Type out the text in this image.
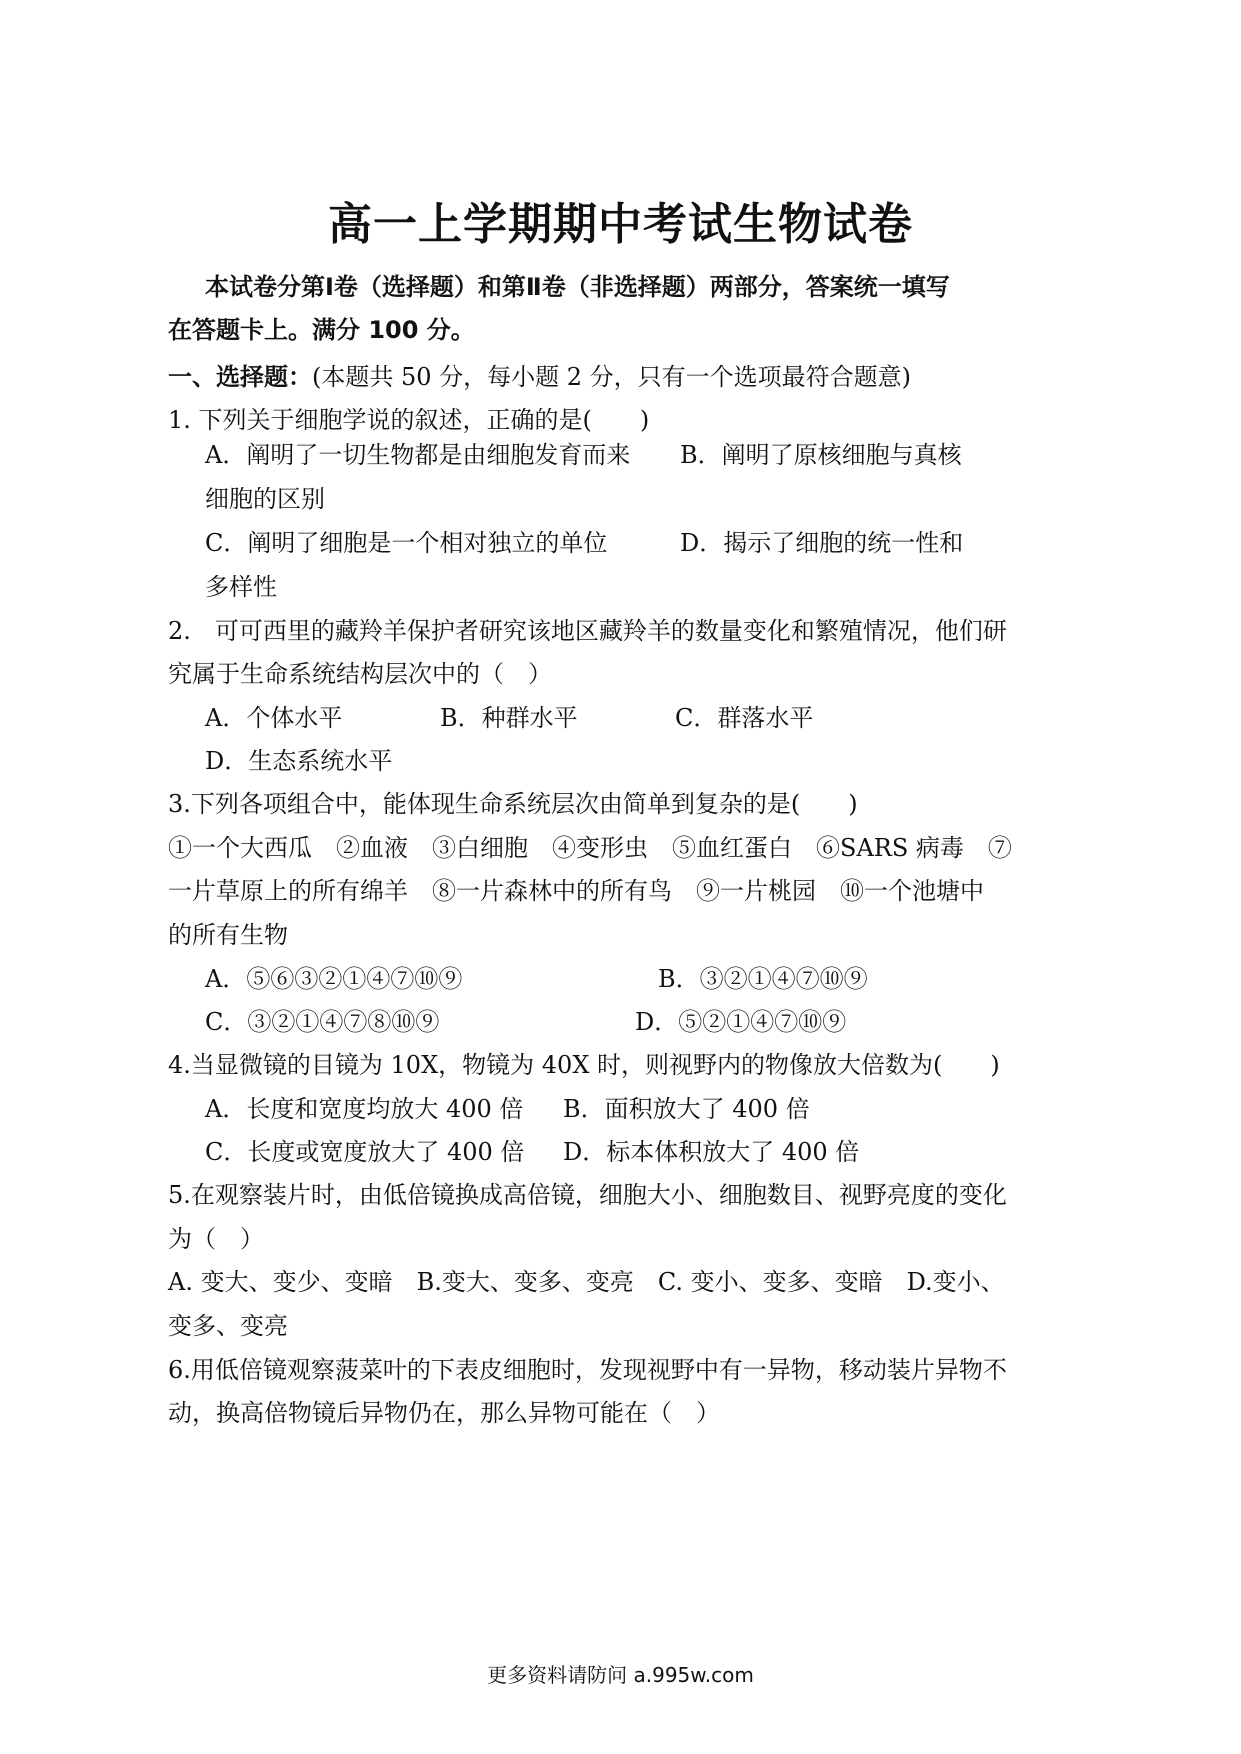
高一上学期期中考试生物试卷
本试卷分第Ⅰ卷（选择题）和第Ⅱ卷（非选择题）两部分，答案统一填写
在答题卡上。满分 100 分。
一、选择题：(本题共 50 分，每小题 2 分，只有一个选项最符合题意)
1. 下列关于细胞学说的叙述，正确的是(　　)
A．阐明了一切生物都是由细胞发育而来 B．阐明了原核细胞与真核
细胞的区别
C．阐明了细胞是一个相对独立的单位	D．揭示了细胞的统一性和
多样性
2.　可可西里的藏羚羊保护者研究该地区藏羚羊的数量变化和繁殖情况，他们研
究属于生命系统结构层次中的（　）
A．个体水平	B．种群水平	C．群落水平
D．生态系统水平
3.下列各项组合中，能体现生命系统层次由简单到复杂的是(　　)
①一个大西瓜　②血液　③白细胞　④变形虫　⑤血红蛋白　⑥SARS 病毒　⑦
一片草原上的所有绵羊　⑧一片森林中的所有鸟　⑨一片桃园　⑩一个池塘中
的所有生物
A．⑤⑥③②①④⑦⑩⑨	B．③②①④⑦⑩⑨
C．③②①④⑦⑧⑩⑨	D．⑤②①④⑦⑩⑨
4.当显微镜的目镜为 10X，物镜为 40X 时，则视野内的物像放大倍数为(　　)
A．长度和宽度均放大 400 倍 B．面积放大了 400 倍
C．长度或宽度放大了 400 倍 D．标本体积放大了 400 倍
5.在观察装片时，由低倍镜换成高倍镜，细胞大小、细胞数目、视野亮度的变化
为（　）
A. 变大、变少、变暗　B.变大、变多、变亮　C. 变小、变多、变暗　D.变小、
变多、变亮
6.用低倍镜观察菠菜叶的下表皮细胞时，发现视野中有一异物，移动装片异物不
动，换高倍物镜后异物仍在，那么异物可能在（　）
更多资料请防问 a.995w.com
